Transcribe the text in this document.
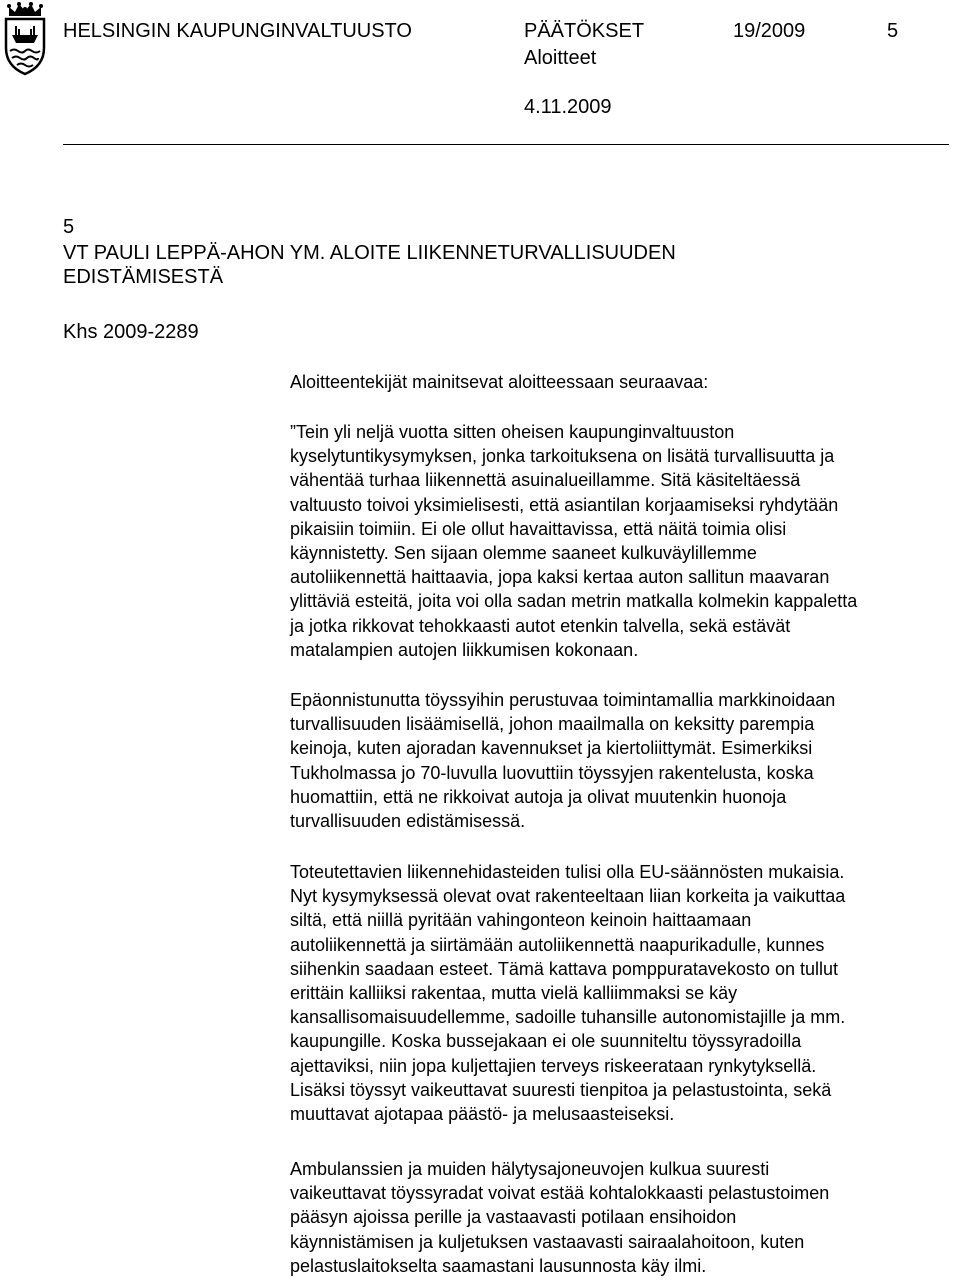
HELSINGIN KAUPUNGINVALTUUSTO	PÄÄTÖKSET	19/2009	5
Aloitteet
4.11.2009
5
VT PAULI LEPPÄ-AHON YM. ALOITE LIIKENNETURVALLISUUDEN
EDISTÄMISESTÄ
Khs 2009-2289
Aloitteentekijät mainitsevat aloitteessaan seuraavaa:
”Tein yli neljä vuotta sitten oheisen kaupunginvaltuuston
kyselytuntikysymyksen, jonka tarkoituksena on lisätä turvallisuutta ja
vähentää turhaa liikennettä asuinalueillamme. Sitä käsiteltäessä
valtuusto toivoi yksimielisesti, että asiantilan korjaamiseksi ryhdytään
pikaisiin toimiin. Ei ole ollut havaittavissa, että näitä toimia olisi
käynnistetty. Sen sijaan olemme saaneet kulkuväylillemme
autoliikennettä haittaavia, jopa kaksi kertaa auton sallitun maavaran
ylittäviä esteitä, joita voi olla sadan metrin matkalla kolmekin kappaletta
ja jotka rikkovat tehokkaasti autot etenkin talvella, sekä estävät
matalampien autojen liikkumisen kokonaan.
Epäonnistunutta töyssyihin perustuvaa toimintamallia markkinoidaan
turvallisuuden lisäämisellä, johon maailmalla on keksitty parempia
keinoja, kuten ajoradan kavennukset ja kiertoliittymät. Esimerkiksi
Tukholmassa jo 70-luvulla luovuttiin töyssyjen rakentelusta, koska
huomattiin, että ne rikkoivat autoja ja olivat muutenkin huonoja
turvallisuuden edistämisessä.
Toteutettavien liikennehidasteiden tulisi olla EU-säännösten mukaisia.
Nyt kysymyksessä olevat ovat rakenteeltaan liian korkeita ja vaikuttaa
siltä, että niillä pyritään vahingonteon keinoin haittaamaan
autoliikennettä ja siirtämään autoliikennettä naapurikadulle, kunnes
siihenkin saadaan esteet. Tämä kattava pomppuratavekosto on tullut
erittäin kalliiksi rakentaa, mutta vielä kalliimmaksi se käy
kansallisomaisuudellemme, sadoille tuhansille autonomistajille ja mm.
kaupungille. Koska bussejakaan ei ole suunniteltu töyssyradoilla
ajettaviksi, niin jopa kuljettajien terveys riskeerataan rynkytyksellä.
Lisäksi töyssyt vaikeuttavat suuresti tienpitoa ja pelastustointa, sekä
muuttavat ajotapaa päästö- ja melusaasteiseksi.
Ambulanssien ja muiden hälytysajoneuvojen kulkua suuresti
vaikeuttavat töyssyradat voivat estää kohtalokkaasti pelastustoimen
pääsyn ajoissa perille ja vastaavasti potilaan ensihoidon
käynnistämisen ja kuljetuksen vastaavasti sairaalahoitoon, kuten
pelastuslaitokselta saamastani lausunnosta käy ilmi.
